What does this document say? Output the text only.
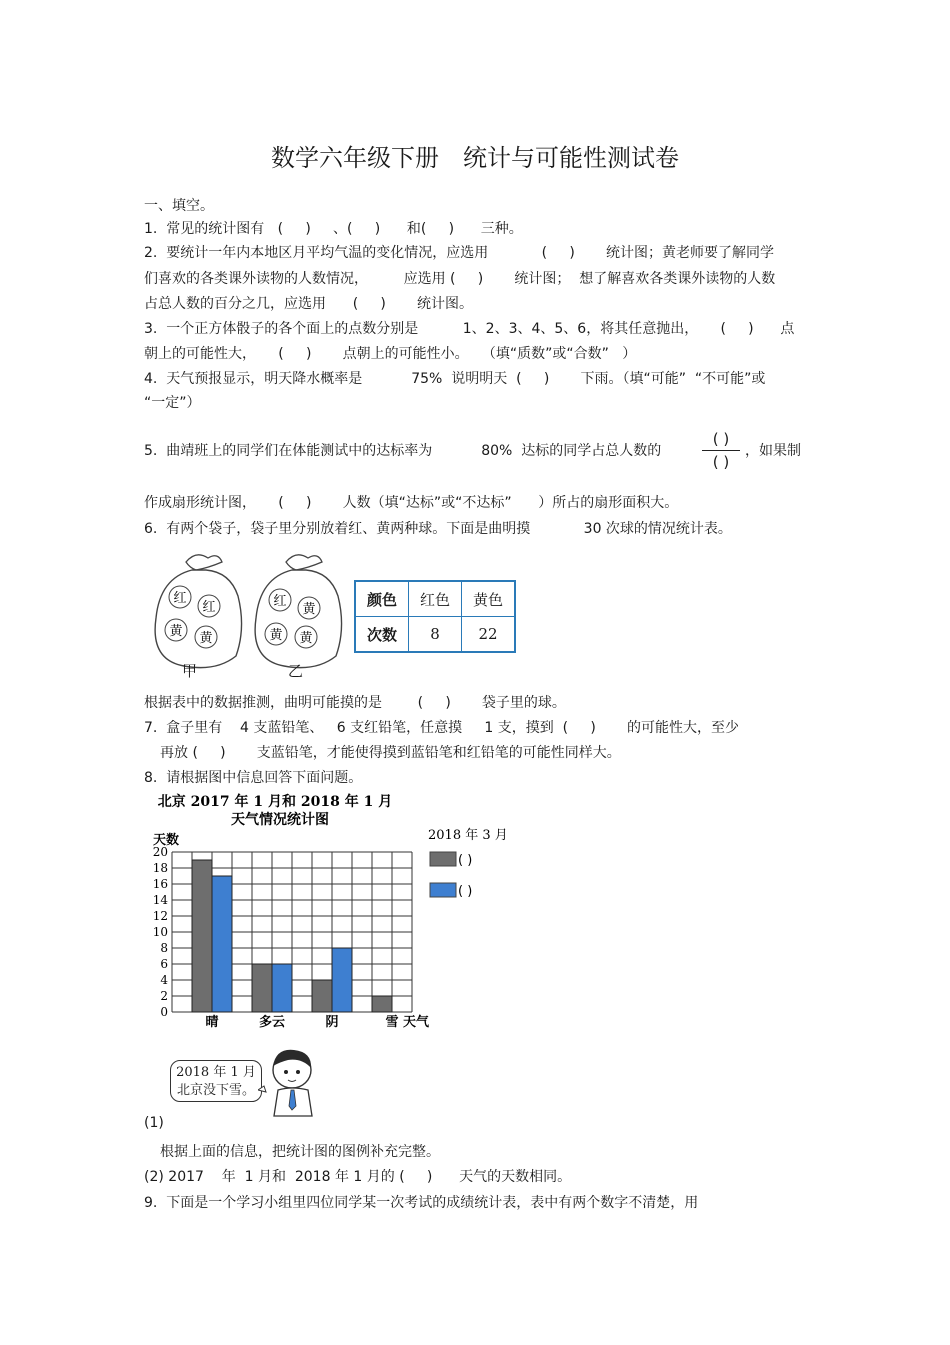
数学六年级下册　统计与可能性测试卷
一、填空。
1.  常见的统计图有   (     )     、(     )      和(     )      三种。
2.  要统计一年内本地区月平均气温的变化情况，应选用            (     )       统计图；黄老师要了解同学
们喜欢的各类课外读物的人数情况，        应选用 (     )       统计图；  想了解喜欢各类课外读物的人数
占总人数的百分之几，应选用      (     )       统计图。
3.  一个正方体骰子的各个面上的点数分别是          1、2、3、4、5、6，将其任意抛出，     (     )      点
朝上的可能性大，     (     )       点朝上的可能性小。   （填“质数”或“合数”   ）
4.  天气预报显示，明天降水概率是           75%  说明明天  (     )       下雨。（填“可能”  “不可能”或
“一定”）
5.  曲靖班上的同学们在体能测试中的达标率为           80%  达标的同学占总人数的
( )
( )
，如果制
作成扇形统计图，     (     )       人数（填“达标”或“不达标”      ）所占的扇形面积大。
6.  有两个袋子，袋子里分别放着红、黄两种球。下面是曲明摸            30 次球的情况统计表。
红
红
黄 黄
甲
红
黄
黄 黄
乙
颜色	红色	黄色
次数	8	22
根据表中的数据推测，曲明可能摸的是        (     )       袋子里的球。
7.  盒子里有    4 支蓝铅笔、   6 支红铅笔，任意摸     1 支，摸到  (     )       的可能性大，至少
再放 (     )       支蓝铅笔，才能使得摸到蓝铅笔和红铅笔的可能性同样大。
8.  请根据图中信息回答下面问题。
北京 2017 年 1 月和 2018 年 1 月
天气情况统计图
天数
0
2
4
6
8
10
12
14
16
18
20
晴	多云	阴	雪 天气
2018 年 3 月
( )
( )
2018 年 1 月
北京没下雪。
(1)
根据上面的信息，把统计图的图例补充完整。
(2) 2017    年  1 月和  2018 年 1 月的 (     )      天气的天数相同。
9.  下面是一个学习小组里四位同学某一次考试的成绩统计表，表中有两个数字不清楚，用
